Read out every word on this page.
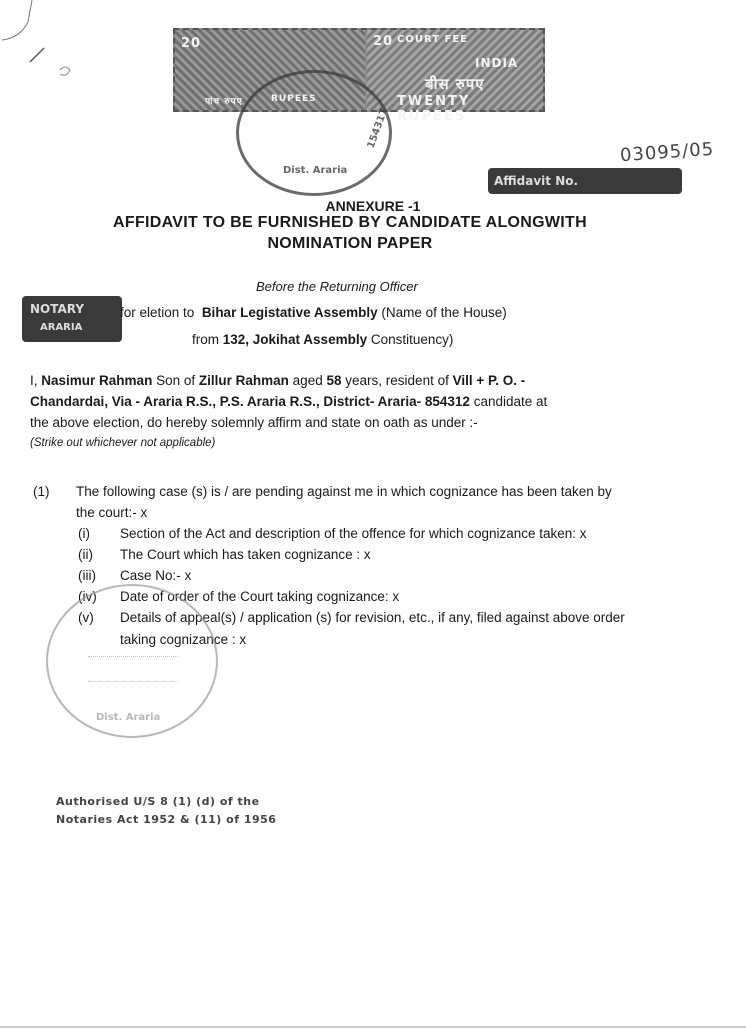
20
RUPEES
पांच रुपए
20 COURT FEE
INDIA
बीस रुपए
TWENTY RUPEES
Dist. Araria
154317
03095/05
Affidavit No.
ANNEXURE -1
AFFIDAVIT TO BE FURNISHED BY CANDIDATE ALONGWITH
NOMINATION PAPER
Before the Returning Officer
NOTARY
ARARIA
for eletion to Bihar Legistative Assembly (Name of the House)
from 132, Jokihat Assembly Constituency)
I, Nasimur Rahman Son of Zillur Rahman aged 58 years, resident of Vill + P. O. -
Chandardai, Via - Araria R.S., P.S. Araria R.S., District- Araria- 854312 candidate at
the above election, do hereby solemnly affirm and state on oath as under :-
(Strike out whichever not applicable)
(1) The following case (s) is / are pending against me in which cognizance has been taken by
the court:- x
(i) Section of the Act and description of the offence for which cognizance taken: x
(ii) The Court which has taken cognizance : x
(iii) Case No:- x
(iv) Date of order of the Court taking cognizance: x
(v) Details of appeal(s) / application (s) for revision, etc., if any, filed against above order
taking cognizance : x
Dist. Araria
Authorised U/S 8 (1) (d) of the
Notaries Act 1952 & (11) of 1956
